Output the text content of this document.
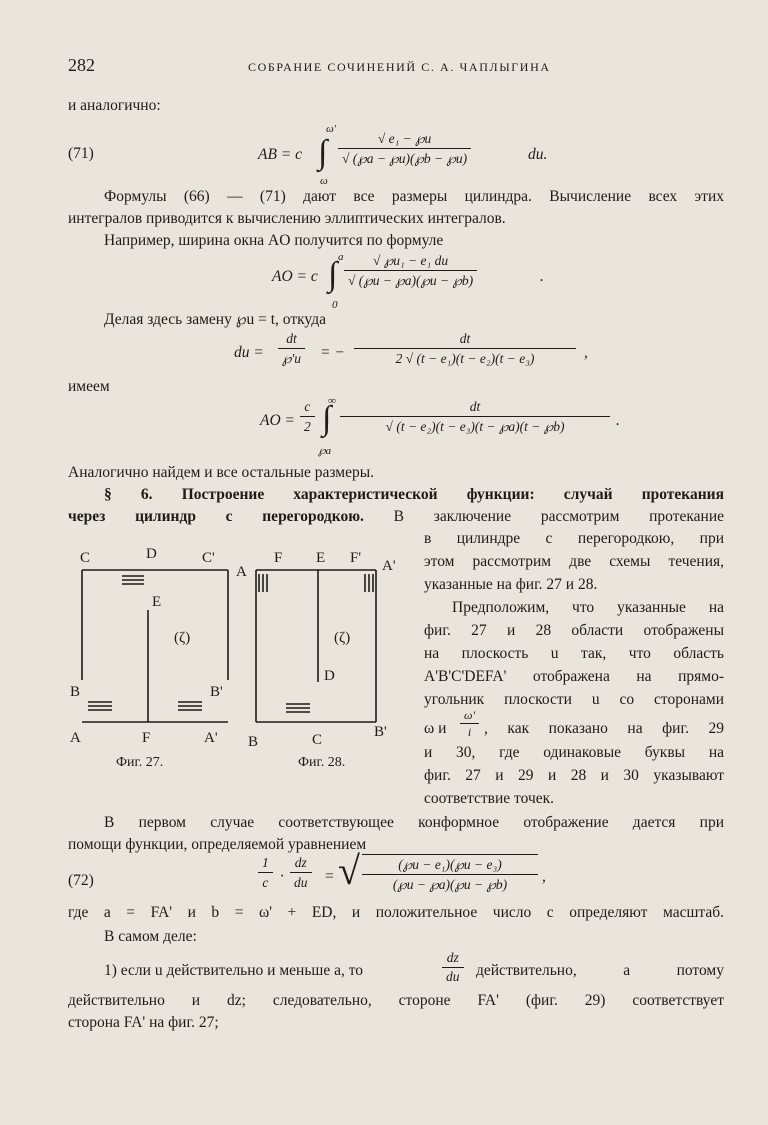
282	СОБРАНИЕ СОЧИНЕНИЙ С. А. ЧАПЛЫГИНА
и аналогично:
(71)	AB = c ∫
ω'
ω
$\frac{\text{√ e₁ − ℘u}}{√ (℘a - ℘u)(℘b - ℘u)}$	du.
Формулы (66) — (71) дают все размеры цилиндра. Вычисление всех этих
интегралов приводится к вычислению эллиптических интегралов.
Например, ширина окна AO получится по формуле
AO = c ∫ a
0
$\frac{\text{√ ℘u₁ − e₁ du}}{√ (℘u - ℘a)(℘u - ℘b)}$	.
Делая здесь замену ℘u = t, откуда
du = $\frac{dt}{℘'u}$ = − $\frac{dt}{\text{2 √ (t − e₁)(t − e₂)(t − e₃)}}$ ,
имеем
AO = $\frac{c}{2}$ ∫
∞
℘a
$\frac{dt}{\text{√ (t − e₂)(t − e₃)(t − ℘a)(t − ℘b)}}$ .
Аналогично найдем и все остальные размеры.
§ 6. Построение характеристической функции: случай протекания
через цилиндр с перегородкою. В заключение рассмотрим протекание
в цилиндре с перегородкою, при
этом рассмотрим две схемы течения,
указанные на фиг. 27 и 28.
Предположим, что указанные на
фиг. 27 и 28 области отображены
на плоскость u так, что область
A'B'C'DEFA' отображена на прямо-
угольник плоскости u со сторонами
ω и $\frac{\omega'}{i}$ , как показано на фиг. 29
и 30, где одинаковые буквы на
фиг. 27 и 29 и 28 и 30 указывают
соответствие точек.
C	D	C'
E
(ζ)
B	B'
A	F	A'
Фиг. 27.
A
F E F' A'
(ζ)
D
B	C	B'
Фиг. 28.
В первом случае соответствующее конформное отображение дается при
помощи функции, определяемой уравнением
(72)	$\frac{1}{c} \cdot \frac{dz}{du}$ = √ $\frac{\text{(℘u − e₁)(℘u − e₃)}}{(℘u - ℘a)(℘u - ℘b)}$ ,
где a = FA' и b = ω' + ED, и положительное число c определяют масштаб.
В самом деле:
1) если u действительно и меньше a, то	$\frac{dz}{du}$ действительно, а потому
действительно и dz; следовательно, стороне FA' (фиг. 29) соответствует
сторона FA' на фиг. 27;
